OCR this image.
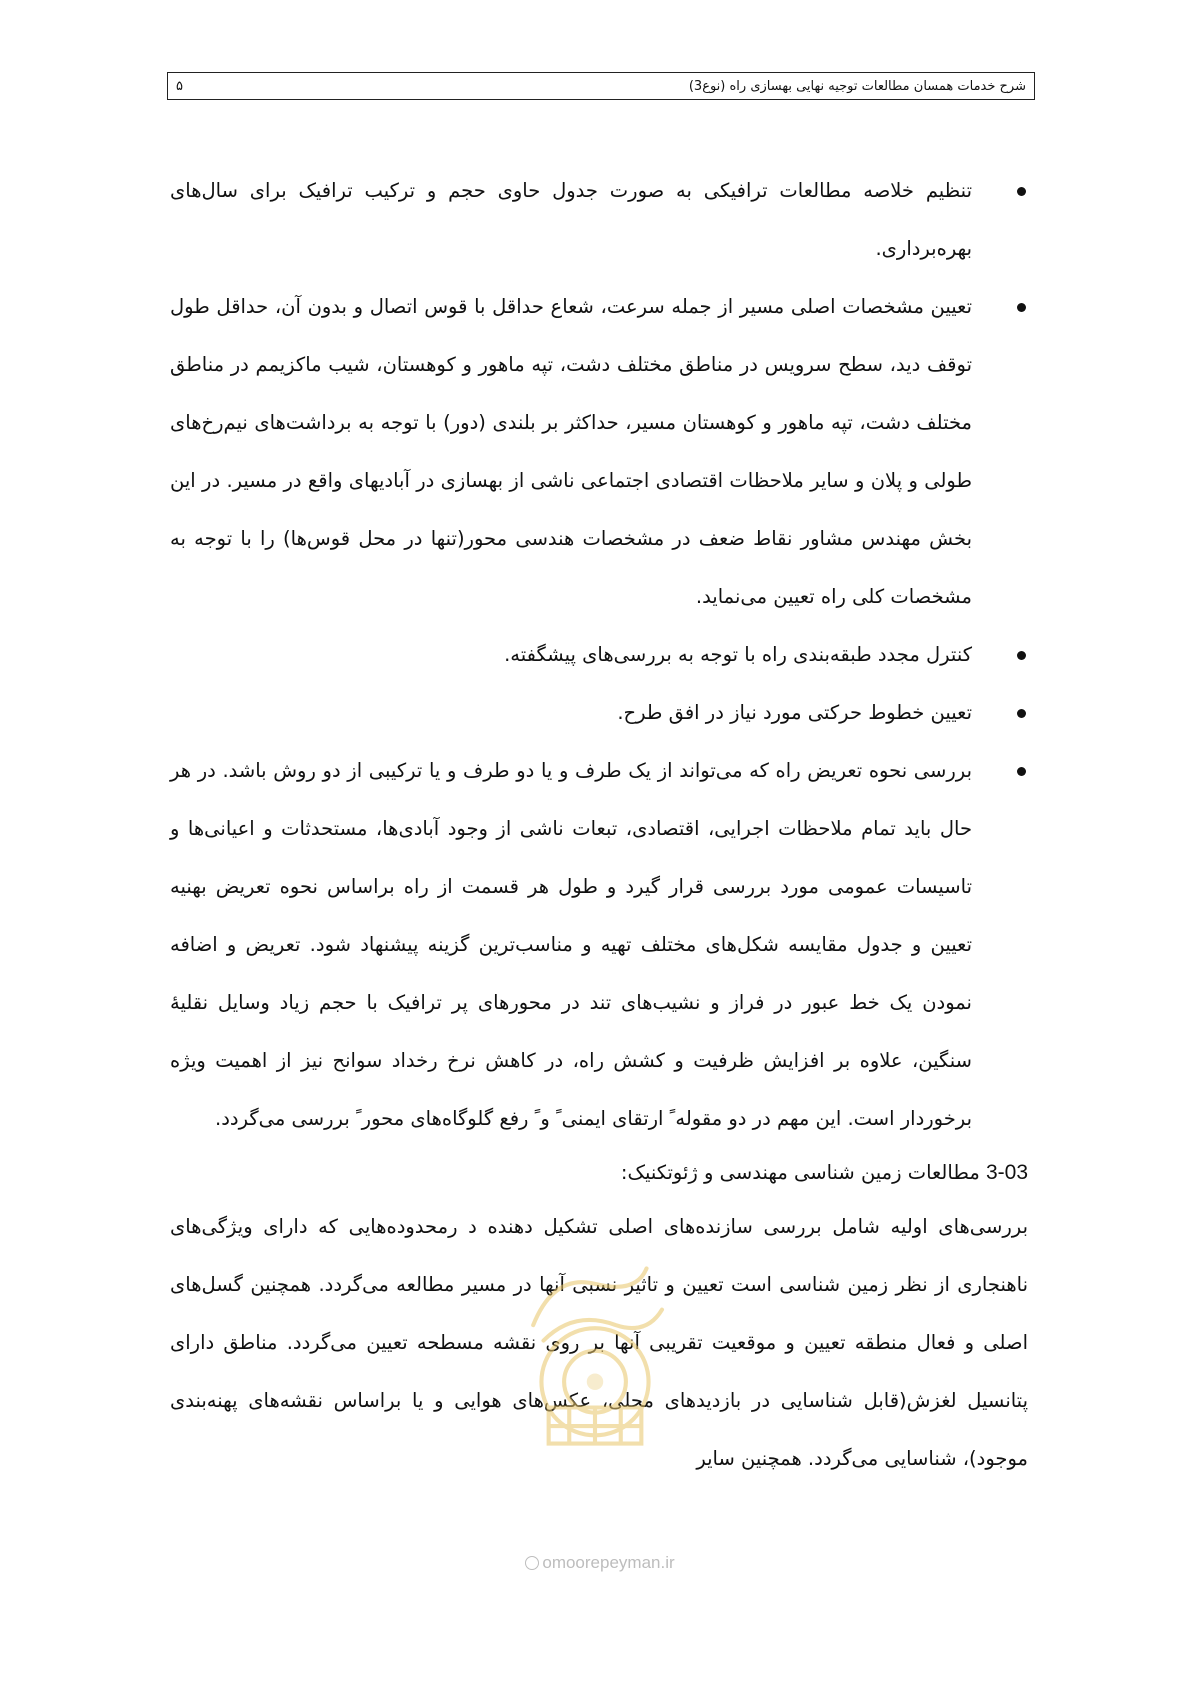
شرح خدمات همسان مطالعات توجیه نهایی بهسازی راه (نوع3)
۵

تنظیم خلاصه مطالعات ترافیکی به صورت جدول حاوی حجم و ترکیب ترافیک برای سال‌های بهره‌برداری.

تعیین مشخصات اصلی مسیر از جمله سرعت، شعاع حداقل با قوس اتصال و بدون آن، حداقل طول توقف دید، سطح سرویس در مناطق مختلف دشت، تپه ماهور و کوهستان، شیب ماکزیمم در مناطق مختلف دشت، تپه ماهور و کوهستان مسیر، حداکثر بر بلندی (دور) با توجه به برداشت‌های نیم‌رخ‌های طولی و پلان و سایر ملاحظات اقتصادی اجتماعی ناشی از بهسازی در آبادیهای واقع در مسیر. در این بخش مهندس مشاور نقاط ضعف در مشخصات هندسی محور(تنها در محل قوس‌ها) را با توجه به مشخصات کلی راه تعیین می‌نماید.

کنترل مجدد طبقه‌بندی راه با توجه به بررسی‌های پیشگفته.

تعیین خطوط حرکتی مورد نیاز در افق طرح.

بررسی نحوه تعریض راه که می‌تواند از یک طرف و یا دو طرف و یا ترکیبی از دو روش باشد. در هر حال باید تمام ملاحظات اجرایی، اقتصادی، تبعات ناشی از وجود آبادی‌ها، مستحدثات و اعیانی‌ها و تاسیسات عمومی مورد بررسی قرار گیرد و طول هر قسمت از راه براساس نحوه تعریض بهنیه تعیین و جدول مقایسه شکل‌های مختلف تهیه و مناسب‌ترین گزینه پیشنهاد شود. تعریض و اضافه نمودن یک خط عبور در فراز و نشیب‌های تند در محورهای پر ترافیک با حجم زیاد وسایل نقلیهٔ سنگین، علاوه بر افزایش ظرفیت و کشش راه، در کاهش نرخ رخداد سوانح نیز از اهمیت ویژه برخوردار است. این مهم در دو مقوله ً ارتقای ایمنی ً و ً رفع گلوگاه‌های محور ً بررسی می‌گردد.

3-03 مطالعات زمین شناسی مهندسی و ژئوتکنیک:

بررسی‌های اولیه شامل بررسی سازنده‌های اصلی تشکیل دهنده د رمحدوده‌هایی که دارای ویژگی‌های ناهنجاری از نظر زمین شناسی است تعیین و تاثیر نسبی آنها در مسیر مطالعه می‌گردد. همچنین گسل‌های اصلی و فعال منطقه تعیین و موقعیت تقریبی آنها بر روی نقشه مسطحه تعیین می‌گردد. مناطق دارای پتانسیل لغزش(قابل شناسایی در بازدیدهای محلی، عکس‌های هوایی و یا براساس نقشه‌های پهنه‌بندی موجود)، شناسایی می‌گردد. همچنین سایر

omoorepeyman.ir
